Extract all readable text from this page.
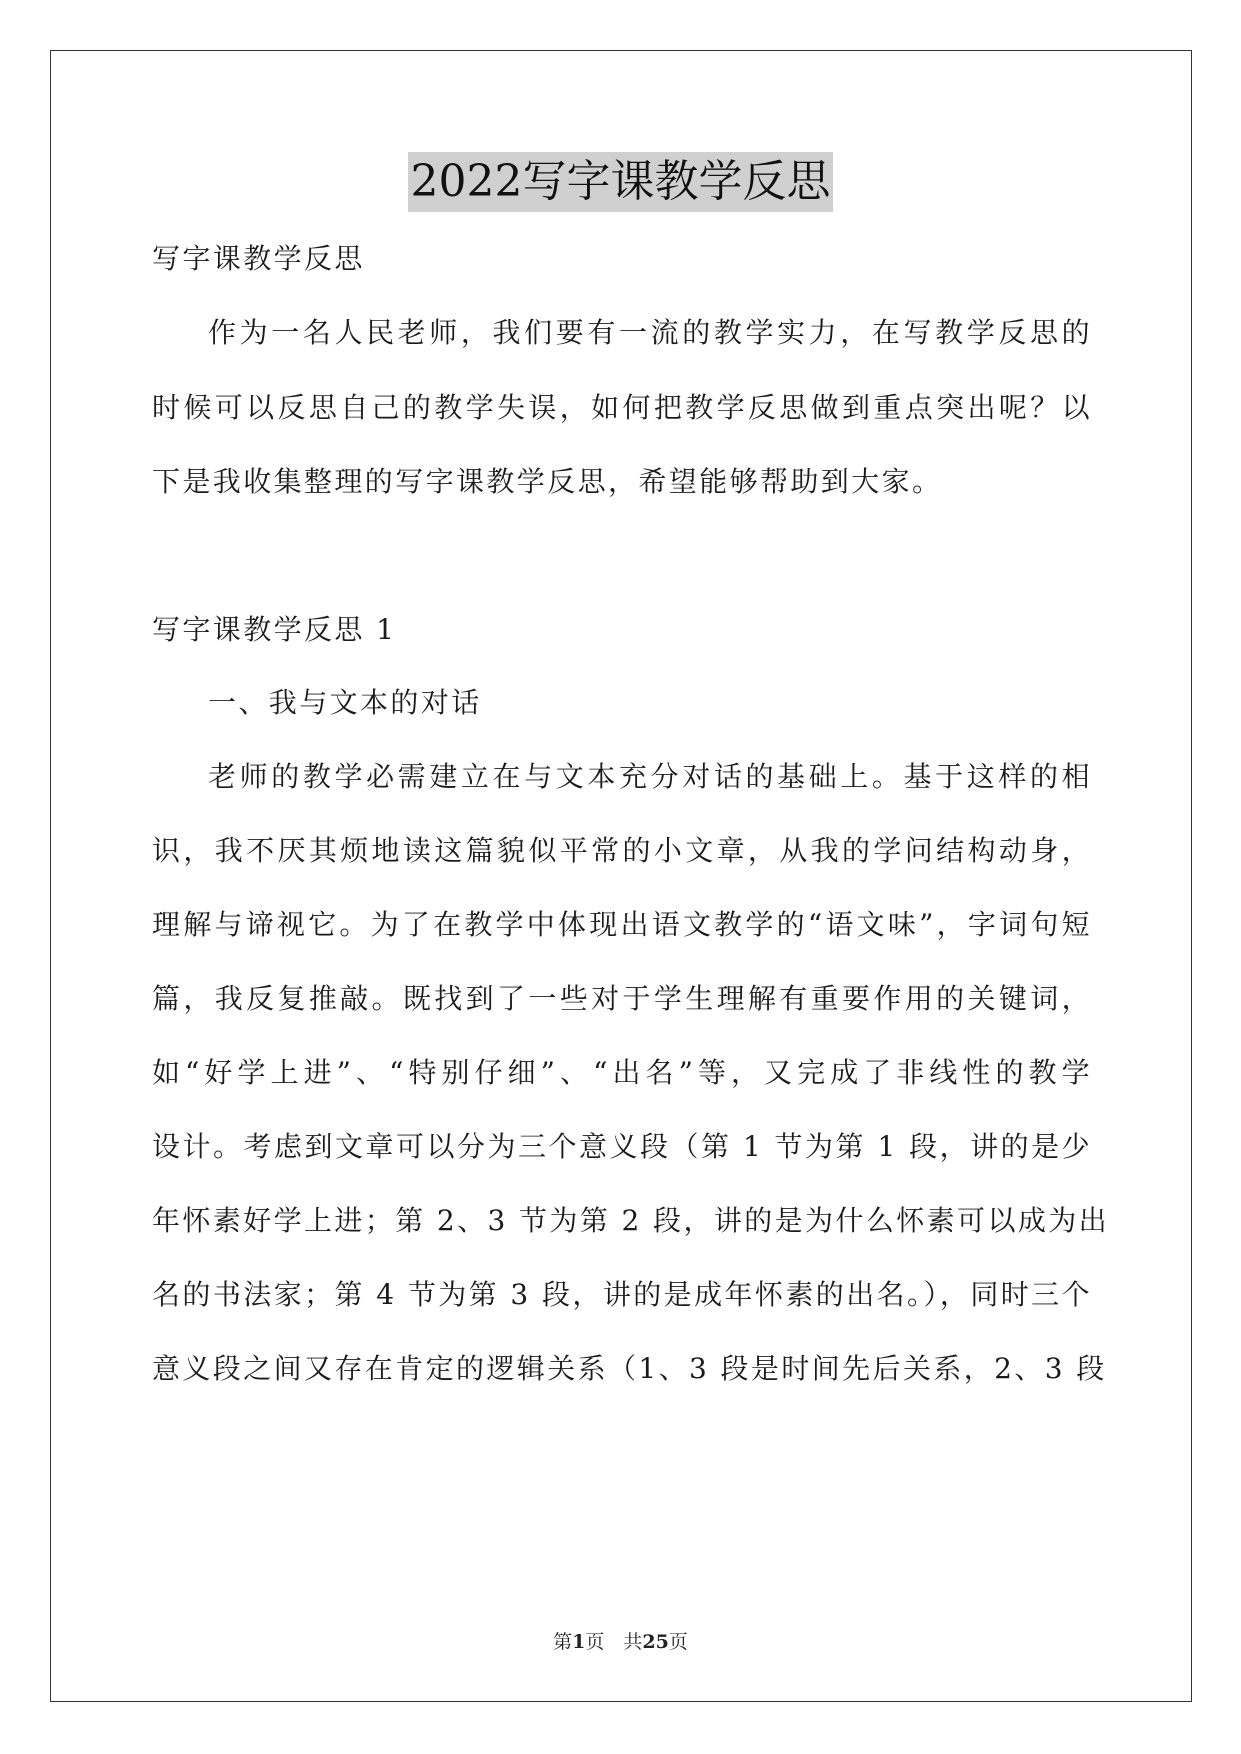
2022写字课教学反思
写字课教学反思
作为一名人民老师，我们要有一流的教学实力，在写教学反思的
时候可以反思自己的教学失误，如何把教学反思做到重点突出呢？以
下是我收集整理的写字课教学反思，希望能够帮助到大家。
写字课教学反思 1
一、我与文本的对话
老师的教学必需建立在与文本充分对话的基础上。基于这样的相
识，我不厌其烦地读这篇貌似平常的小文章，从我的学问结构动身，
理解与谛视它。为了在教学中体现出语文教学的“语文味”，字词句短
篇，我反复推敲。既找到了一些对于学生理解有重要作用的关键词，
如“好学上进”、“特别仔细”、“出名”等，又完成了非线性的教学
设计。考虑到文章可以分为三个意义段（第 1 节为第 1 段，讲的是少
年怀素好学上进；第 2、3 节为第 2 段，讲的是为什么怀素可以成为出
名的书法家；第 4 节为第 3 段，讲的是成年怀素的出名。），同时三个
意义段之间又存在肯定的逻辑关系（1、3 段是时间先后关系，2、3 段
第1页　共25页
